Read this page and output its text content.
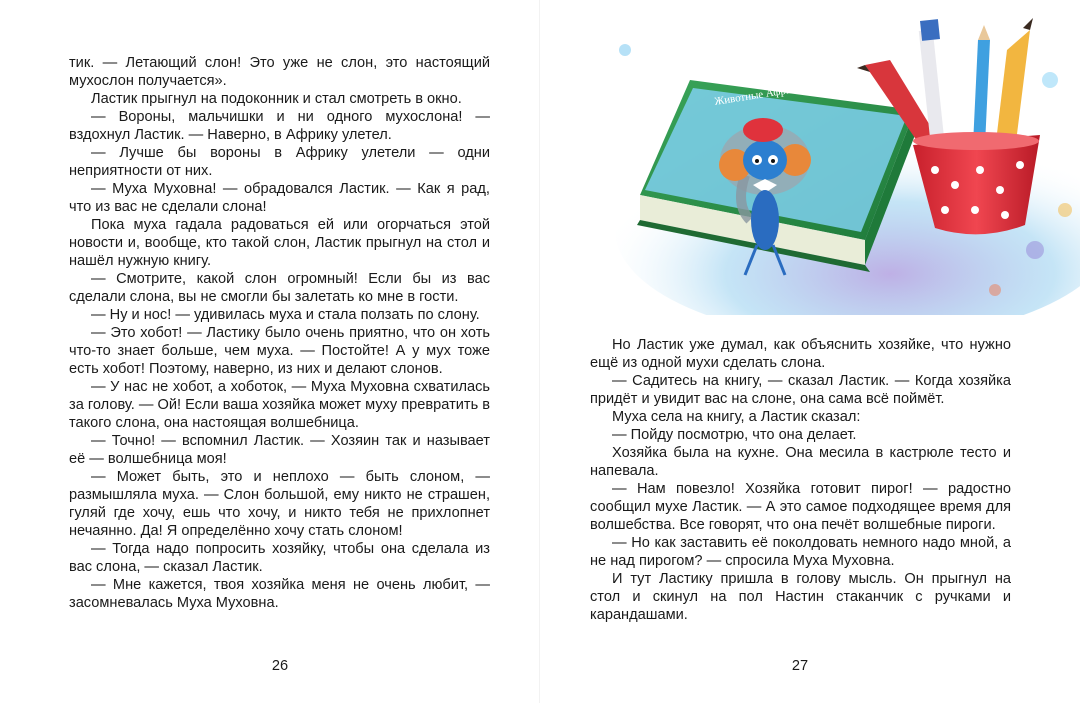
тик. — Летающий слон! Это уже не слон, это настоящий мухослон получается».

Ластик прыгнул на подоконник и стал смотреть в окно.

— Вороны, мальчишки и ни одного мухослона! — вздохнул Ластик. — Наверно, в Африку улетел.

— Лучше бы вороны в Африку улетели — одни неприятности от них.

— Муха Муховна! — обрадовался Ластик. — Как я рад, что из вас не сделали слона!

Пока муха гадала радоваться ей или огорчаться этой новости и, вообще, кто такой слон, Ластик прыгнул на стол и нашёл нужную книгу.

— Смотрите, какой слон огромный! Если бы из вас сделали слона, вы не смогли бы залетать ко мне в гости.

— Ну и нос! — удивилась муха и стала ползать по слону.

— Это хобот! — Ластику было очень приятно, что он хоть что-то знает больше, чем муха. — Постойте! А у мух тоже есть хобот! Поэтому, наверно, из них и делают слонов.

— У нас не хобот, а хоботок, — Муха Муховна схватилась за голову. — Ой! Если ваша хозяйка может муху превратить в такого слона, она настоящая волшебница.

— Точно! — вспомнил Ластик. — Хозяин так и называет её — волшебница моя!

— Может быть, это и неплохо — быть слоном, — размышляла муха. — Слон большой, ему никто не страшен, гуляй где хочу, ешь что хочу, и никто тебя не прихлопнет нечаянно. Да! Я определённо хочу стать слоном!

— Тогда надо попросить хозяйку, чтобы она сделала из вас слона, — сказал Ластик.

— Мне кажется, твоя хозяйка меня не очень любит, — засомневалась Муха Муховна.

26
Животные Африки

Но Ластик уже думал, как объяснить хозяйке, что нужно ещё из одной мухи сделать слона.

— Садитесь на книгу, — сказал Ластик. — Когда хозяйка придёт и увидит вас на слоне, она сама всё поймёт.

Муха села на книгу, а Ластик сказал:

— Пойду посмотрю, что она делает.

Хозяйка была на кухне. Она месила в кастрюле тесто и напевала.

— Нам повезло! Хозяйка готовит пирог! — радостно сообщил мухе Ластик. — А это самое подходящее время для волшебства. Все говорят, что она печёт волшебные пироги.

— Но как заставить её поколдовать немного надо мной, а не над пирогом? — спросила Муха Муховна.

И тут Ластику пришла в голову мысль. Он прыгнул на стол и скинул на пол Настин стаканчик с ручками и карандашами.

27
